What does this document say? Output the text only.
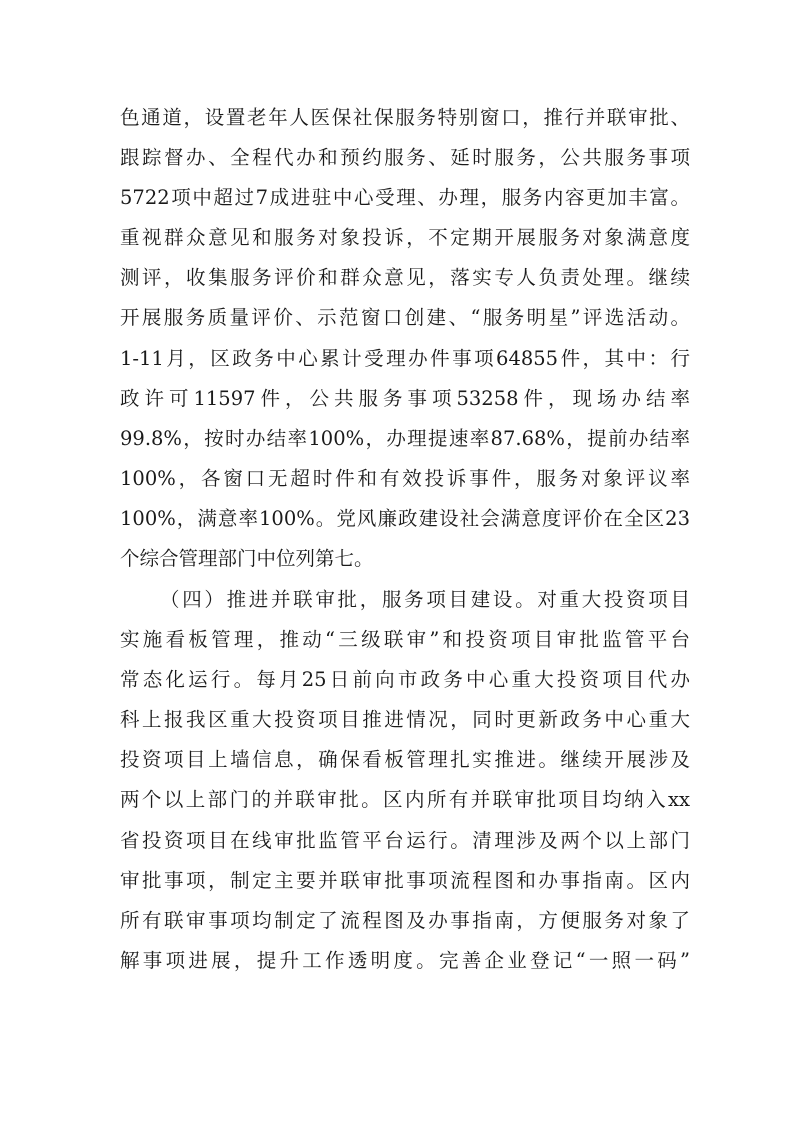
色通道，设置老年人医保社保服务特别窗口，推行并联审批、
跟踪督办、全程代办和预约服务、延时服务，公共服务事项
5722项中超过7成进驻中心受理、办理，服务内容更加丰富。
重视群众意见和服务对象投诉，不定期开展服务对象满意度
测评，收集服务评价和群众意见，落实专人负责处理。继续
开展服务质量评价、示范窗口创建、“服务明星”评选活动。
1-11月，区政务中心累计受理办件事项64855件，其中：行
政许可11597件，公共服务事项53258件，现场办结率
99.8%，按时办结率100%，办理提速率87.68%，提前办结率
100%，各窗口无超时件和有效投诉事件，服务对象评议率
100%，满意率100%。党风廉政建设社会满意度评价在全区23
个综合管理部门中位列第七。
（四）推进并联审批，服务项目建设。对重大投资项目
实施看板管理，推动“三级联审”和投资项目审批监管平台
常态化运行。每月25日前向市政务中心重大投资项目代办
科上报我区重大投资项目推进情况，同时更新政务中心重大
投资项目上墙信息，确保看板管理扎实推进。继续开展涉及
两个以上部门的并联审批。区内所有并联审批项目均纳入xx
省投资项目在线审批监管平台运行。清理涉及两个以上部门
审批事项，制定主要并联审批事项流程图和办事指南。区内
所有联审事项均制定了流程图及办事指南，方便服务对象了
解事项进展，提升工作透明度。完善企业登记“一照一码”
